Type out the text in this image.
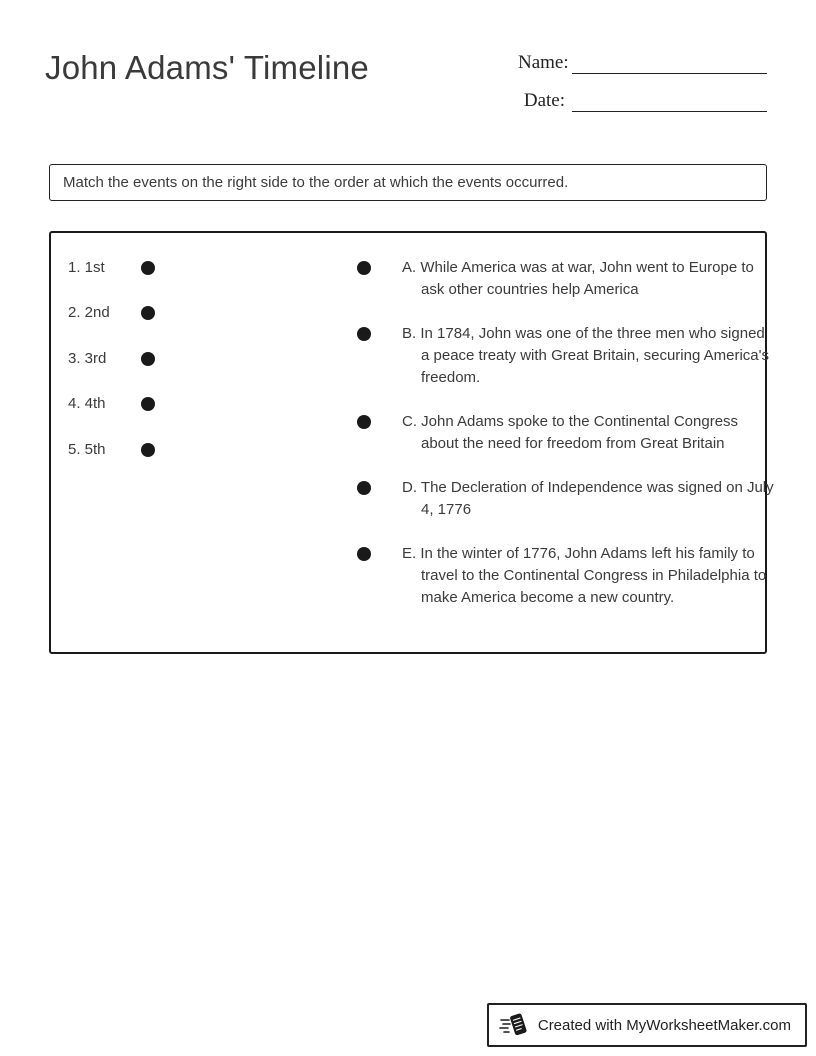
John Adams' Timeline	Name:
Date:
Match the events on the right side to the order at which the events occurred.
1. 1st
2. 2nd
3. 3rd
4. 4th
5. 5th

A. While America was at war, John went to Europe to ask other countries help America

B. In 1784, John was one of the three men who signed a peace treaty with Great Britain, securing America's freedom.

C. John Adams spoke to the Continental Congress about the need for freedom from Great Britain

D. The Decleration of Independence was signed on July 4, 1776

E. In the winter of 1776, John Adams left his family to travel to the Continental Congress in Philadelphia to make America become a new country.

Created with MyWorksheetMaker.com
